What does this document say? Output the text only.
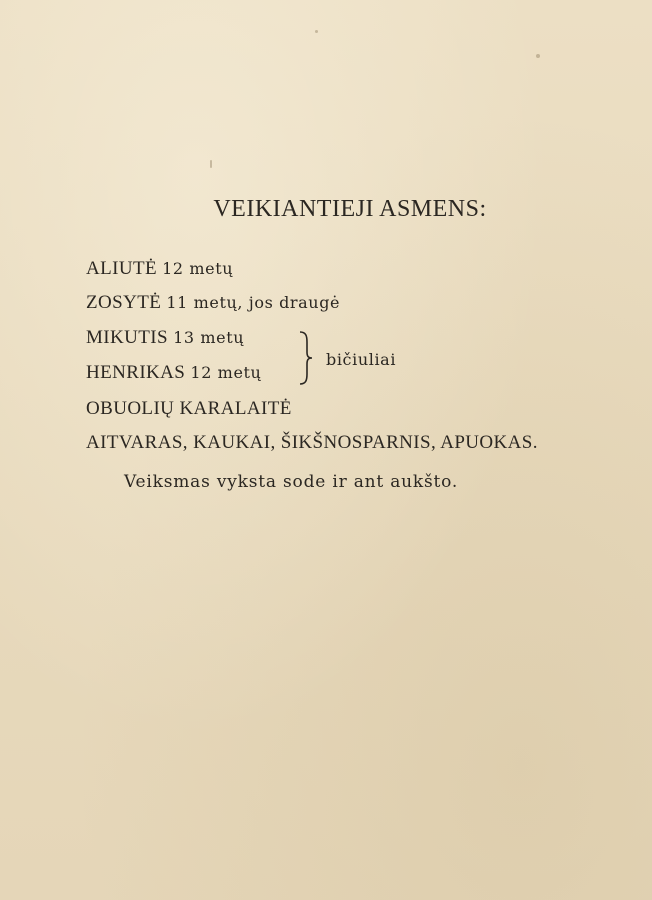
VEIKIANTIEJI ASMENS:
ALIUTĖ 12 metų
ZOSYTĖ 11 metų, jos draugė
MIKUTIS 13 metų
HENRIKAS 12 metų
bičiuliai
OBUOLIŲ KARALAITĖ
AITVARAS, KAUKAI, ŠIKŠNOSPARNIS, APUOKAS.
Veiksmas vyksta sode ir ant aukšto.
